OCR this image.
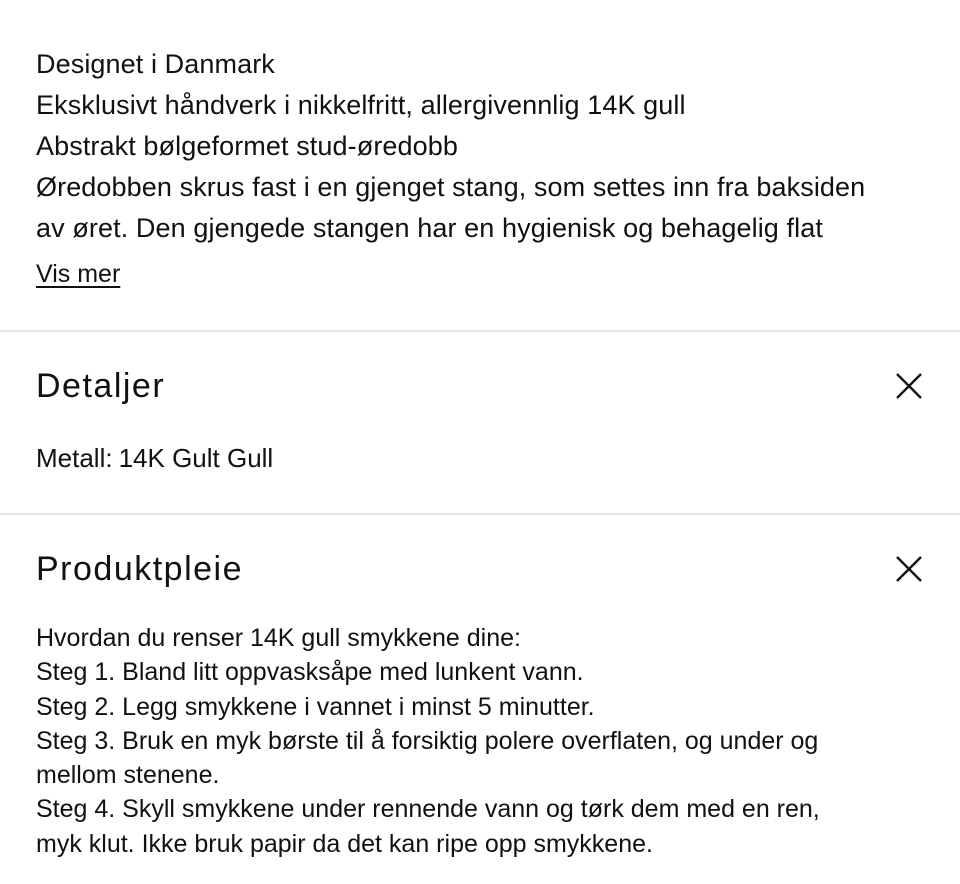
Designet i Danmark
Eksklusivt håndverk i nikkelfritt, allergivennlig 14K gull
Abstrakt bølgeformet stud-øredobb
Øredobben skrus fast i en gjenget stang, som settes inn fra baksiden
av øret. Den gjengede stangen har en hygienisk og behagelig flat
Vis mer
Detaljer
Metall: 14K Gult Gull
Produktpleie
Hvordan du renser 14K gull smykkene dine:
Steg 1. Bland litt oppvasksåpe med lunkent vann.
Steg 2. Legg smykkene i vannet i minst 5 minutter.
Steg 3. Bruk en myk børste til å forsiktig polere overflaten, og under og
mellom stenene.
Steg 4. Skyll smykkene under rennende vann og tørk dem med en ren,
myk klut. Ikke bruk papir da det kan ripe opp smykkene.
